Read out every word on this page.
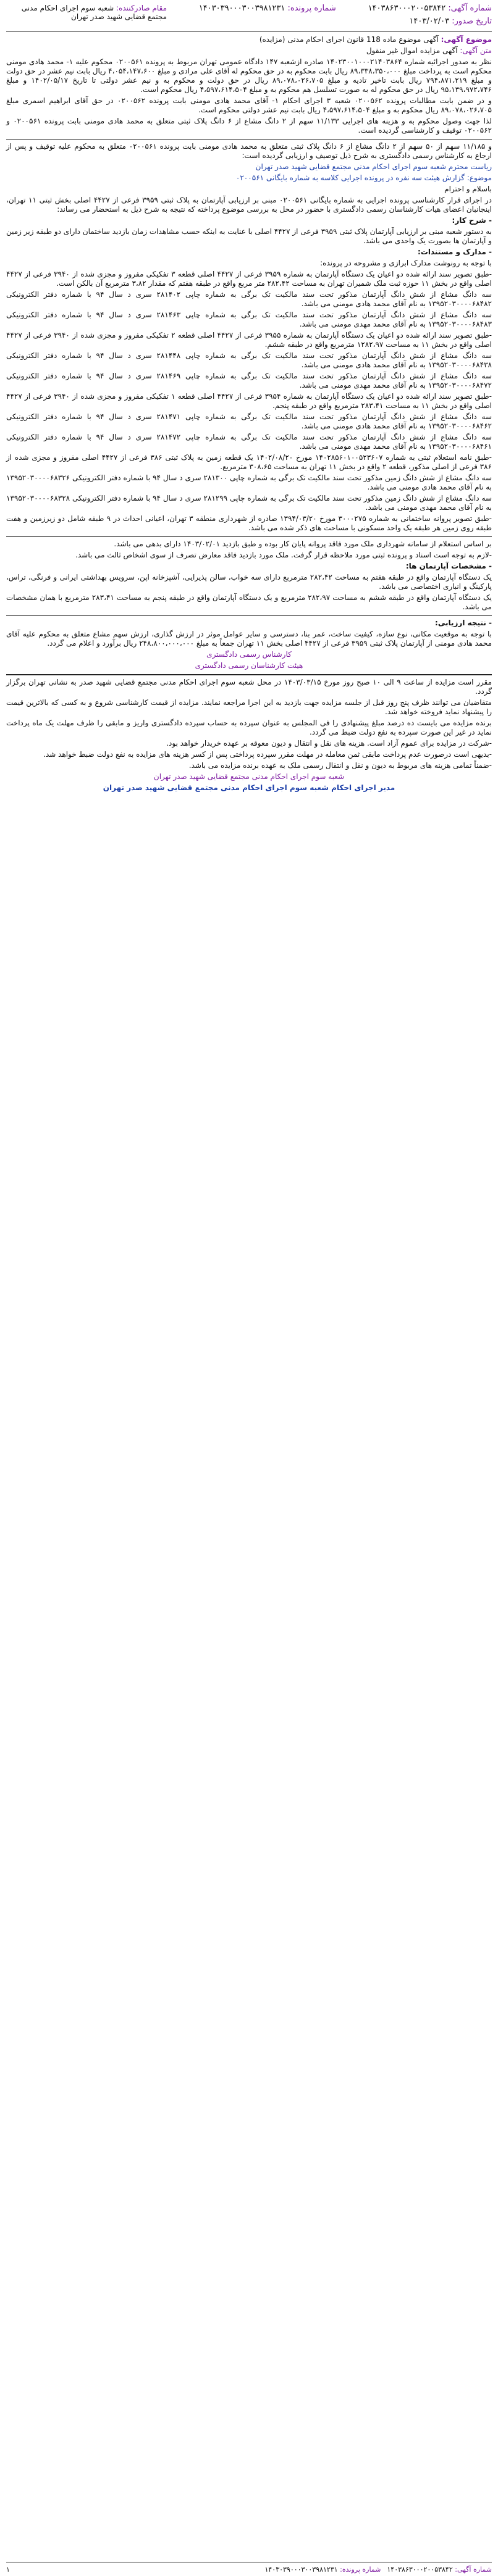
شماره آگهی: ۱۴۰۳۸۶۳۰۰۰۲۰۰۵۳۸۴۲
تاریخ صدور: ۱۴۰۳/۰۲/۰۳
شماره پرونده: ۱۴۰۳۰۳۹۰۰۰۳۰۰۳۹۸۱۲۳۱
مقام صادرکننده: شعبه سوم اجرای احکام مدنی مجتمع قضایی شهید صدر تهران

موضوع آگهی: آگهی موضوع ماده 118 قانون اجرای احکام مدنی (مزایده)

متن آگهی: آگهی مزایده اموال غیر منقول

نظر به صدور اجرائیه شماره ۱۴۰۲۳۰۰۱۰۰۰۲۱۴۰۳۸۶۴ صادره ازشعبه ۱۴۷ دادگاه عمومی تهران مربوط به پرونده ۰۲۰۰۵۶۱ محکوم علیه ۱- محمد هادی مومنی محکوم است به پرداخت مبلغ ۸۹،۳۳۸،۳۵۰،۰۰۰ ریال بابت محکوم به در حق محکوم له آقای علی مرادی و مبلغ ۴،۰۵۴،۱۴۷،۶۰۰ ریال بابت نیم عشر در حق دولت و مبلغ ۷۹۴،۸۷۱،۲۱۹ ریال بابت تاخیر تادیه و مبلغ ۸۹،۰۷۸،۰۲۶،۷۰۵ ریال در حق دولت و محکوم به و نیم عشر دولتی تا تاریخ ۱۴۰۲/۰۵/۱۷ و مبلغ ۹۵،۱۳۹،۹۷۲،۷۴۶ ریال در حق محکوم له به صورت تسلسل هم محکوم به و مبلغ ۴،۵۹۷،۶۱۴،۵۰۴ ریال محکوم است.

و در ضمن بابت مطالبات پرونده ۰۲۰۰۵۶۲ شعبه ۳ اجرای احکام ۱- آقای محمد هادی مومنی بابت پرونده ۰۲۰۰۵۶۲ در حق آقای ابراهیم اسمری مبلغ ۸۹،۰۷۸،۰۲۶،۷۰۵ ریال محکوم به و مبلغ ۴،۵۹۷،۶۱۴،۵۰۴ ریال بابت نیم عشر دولتی محکوم است.

لذا جهت وصول محکوم به و هزینه های اجرایی ۱۱/۱۳۳ سهم از ۲ دانگ مشاع از ۶ دانگ پلاک ثبتی متعلق به محمد هادی مومنی بابت پرونده ۰۲۰۰۵۶۱ و ۰۲۰۰۵۶۲ توقیف و کارشناسی گردیده است.

و ۱۱/۱۸۵ سهم از ۵۰ سهم از ۲ دانگ مشاع از ۶ دانگ پلاک ثبتی متعلق به محمد هادی مومنی بابت پرونده ۰۲۰۰۵۶۱ متعلق به محکوم علیه توقیف و پس از ارجاع به کارشناس رسمی دادگستری به شرح ذیل توصیف و ارزیابی گردیده است:

ریاست محترم شعبه سوم اجرای احکام مدنی مجتمع قضایی شهید صدر تهران

موضوع: گزارش هیئت سه نفره در پرونده اجرایی کلاسه به شماره بایگانی ۰۲۰۰۵۶۱

باسلام و احترام

در اجرای قرار کارشناسی پرونده اجرایی به شماره بایگانی ۰۲۰۰۵۶۱ مبنی بر ارزیابی آپارتمان به پلاک ثبتی ۳۹۵۹ فرعی از ۴۴۲۷ اصلی بخش ثبتی ۱۱ تهران، اینجانبان اعضای هیات کارشناسان رسمی دادگستری با حضور در محل به بررسی موضوع پرداخته که نتیجه به شرح ذیل به استحضار می رساند:

- شرح کار:

به دستور شعبه مبنی بر ارزیابی آپارتمان پلاک ثبتی ۳۹۵۹ فرعی از ۴۴۲۷ اصلی با عنایت به اینکه حسب مشاهدات زمان بازدید ساختمان دارای دو طبقه زیر زمین و آپارتمان ها بصورت یک واحدی می باشد.

- مدارک و مستندات:

با توجه به رونوشت مدارک ابرازی و مشروحه در پرونده:

-طبق تصویر سند ارائه شده دو اعیان یک دستگاه آپارتمان به شماره ۳۹۵۹ فرعی از ۴۴۲۷ اصلی قطعه ۳ تفکیکی مفروز و مجزی شده از ۳۹۴۰ فرعی از ۴۴۲۷ اصلی واقع در بخش ۱۱ حوزه ثبت ملک شمیران تهران به مساحت ۲۸۲،۴۲ متر مربع واقع در طبقه هفتم که مقدار ۳،۸۲ مترمربع آن بالکن است.

سه دانگ مشاع از شش دانگ آپارتمان مذکور تحت سند مالکیت تک برگی به شماره چاپی ۲۸۱۴۰۲ سری د سال ۹۴ با شماره دفتر الکترونیکی ۱۳۹۵۲۰۳۰۰۰۰۶۸۴۸۲ به نام آقای محمد هادی مومنی می باشد.

سه دانگ مشاع از شش دانگ آپارتمان مذکور تحت سند مالکیت تک برگی به شماره چاپی ۲۸۱۴۶۳ سری د سال ۹۴ با شماره دفتر الکترونیکی ۱۳۹۵۲۰۳۰۰۰۰۶۸۴۸۳ به نام آقای محمد مهدی مومنی می باشد.

-طبق تصویر سند ارائه شده دو اعیان یک دستگاه آپارتمان به شماره ۳۹۵۵ فرعی از ۴۴۲۷ اصلی قطعه ۲ تفکیکی مفروز و مجزی شده از ۳۹۴۰ فرعی از ۴۴۲۷ اصلی واقع در بخش ۱۱ به مساحت ۱۲۸۲،۹۷ مترمربع واقع در طبقه ششم.

سه دانگ مشاع از شش دانگ آپارتمان مذکور تحت سند مالکیت تک برگی به شماره چاپی ۲۸۱۴۴۸ سری د سال ۹۴ با شماره دفتر الکترونیکی ۱۳۹۵۲۰۳۰۰۰۰۶۸۴۳۸ به نام آقای محمد هادی مومنی می باشد.

سه دانگ مشاع از شش دانگ آپارتمان مذکور تحت سند مالکیت تک برگی به شماره چاپی ۲۸۱۴۶۹ سری د سال ۹۴ با شماره دفتر الکترونیکی ۱۳۹۵۲۰۳۰۰۰۰۶۸۴۷۲ به نام آقای محمد مهدی مومنی می باشد.

-طبق تصویر سند ارائه شده دو اعیان یک دستگاه آپارتمان به شماره ۳۹۵۴ فرعی از ۴۴۲۷ اصلی قطعه ۱ تفکیکی مفروز و مجزی شده از ۳۹۴۰ فرعی از ۴۴۲۷ اصلی واقع در بخش ۱۱ به مساحت ۲۸۳،۴۱ مترمربع واقع در طبقه پنجم.

سه دانگ مشاع از شش دانگ آپارتمان مذکور تحت سند مالکیت تک برگی به شماره چاپی ۲۸۱۴۷۱ سری د سال ۹۴ با شماره دفتر الکترونیکی ۱۳۹۵۲۰۳۰۰۰۰۶۸۴۶۲ به نام آقای محمد هادی مومنی می باشد.

سه دانگ مشاع از شش دانگ آپارتمان مذکور تحت سند مالکیت تک برگی به شماره چاپی ۲۸۱۴۷۲ سری د سال ۹۴ با شماره دفتر الکترونیکی ۱۳۹۵۲۰۳۰۰۰۰۶۸۴۶۱ به نام آقای محمد مهدی مومنی می باشد.

-طبق نامه استعلام ثبتی به شماره ۱۴۰۲۸۵۶۰۱۰۰۵۲۳۶۰۷ مورخ ۱۴۰۲/۰۸/۲۰ یک قطعه زمین به پلاک ثبتی ۳۸۶ فرعی از ۴۴۲۷ اصلی مفروز و مجزی شده از ۳۸۶ فرعی از اصلی مذکور، قطعه ۲ واقع در بخش ۱۱ تهران به مساحت ۳۰۸،۶۵ مترمربع.

سه دانگ مشاع از شش دانگ زمین مذکور تحت سند مالکیت تک برگی به شماره چاپی ۲۸۱۳۰۰ سری د سال ۹۴ با شماره دفتر الکترونیکی ۱۳۹۵۲۰۳۰۰۰۰۶۸۳۲۶ به نام آقای محمد هادی مومنی می باشد.

سه دانگ مشاع از شش دانگ زمین مذکور تحت سند مالکیت تک برگی به شماره چاپی ۲۸۱۲۹۹ سری د سال ۹۴ با شماره دفتر الکترونیکی ۱۳۹۵۲۰۳۰۰۰۰۶۸۳۲۸ به نام آقای محمد مهدی مومنی می باشد.

-طبق تصویر پروانه ساختمانی به شماره ۳۰۰۰۲۷۵ مورخ ۱۳۹۴/۰۳/۲۰ صادره از شهرداری منطقه ۳ تهران، اعیانی احداث در ۹ طبقه شامل دو زیرزمین و هفت طبقه روی زمین هر طبقه یک واحد مسکونی با مساحت های ذکر شده می باشد.

بر اساس استعلام از سامانه شهرداری ملک مورد فاقد پروانه پایان کار بوده و طبق بازدید ۱۴۰۳/۰۲/۰۱ دارای بدهی می باشد.

-لازم به توجه است اسناد و پرونده ثبتی مورد ملاحظه قرار گرفت. ملک مورد بازدید فاقد معارض تصرف از سوی اشخاص ثالث می باشد.

- مشخصات آپارتمان ها:

یک دستگاه آپارتمان واقع در طبقه هفتم به مساحت ۲۸۲،۴۲ مترمربع دارای سه خواب، سالن پذیرایی، آشپزخانه اپن، سرویس بهداشتی ایرانی و فرنگی، تراس، پارکینگ و انباری اختصاصی می باشد.

یک دستگاه آپارتمان واقع در طبقه ششم به مساحت ۲۸۲،۹۷ مترمربع و یک دستگاه آپارتمان واقع در طبقه پنجم به مساحت ۲۸۳،۴۱ مترمربع با همان مشخصات می باشد.

- نتیجه ارزیابی:

با توجه به موقعیت مکانی، نوع سازه، کیفیت ساخت، عمر بنا، دسترسی و سایر عوامل موثر در ارزش گذاری، ارزش سهم مشاع متعلق به محکوم علیه آقای محمد هادی مومنی از آپارتمان پلاک ثبتی ۳۹۵۹ فرعی از ۴۴۲۷ اصلی بخش ۱۱ تهران جمعاً به مبلغ ۲۴۸،۸۰۰،۰۰۰،۰۰۰ ریال برآورد و اعلام می گردد.

کارشناس رسمی دادگستری

هیئت کارشناسان رسمی دادگستری

مقرر است مزایده از ساعت ۹ الی ۱۰ صبح روز مورخ ۱۴۰۳/۰۳/۱۵ در محل شعبه سوم اجرای احکام مدنی مجتمع قضایی شهید صدر به نشانی تهران برگزار گردد.

متقاضیان می توانند ظرف پنج روز قبل از جلسه مزایده جهت بازدید به این اجرا مراجعه نمایند. مزایده از قیمت کارشناسی شروع و به کسی که بالاترین قیمت را پیشنهاد نماید فروخته خواهد شد.

برنده مزایده می بایست ده درصد مبلغ پیشنهادی را فی المجلس به عنوان سپرده به حساب سپرده دادگستری واریز و مابقی را ظرف مهلت یک ماه پرداخت نماید در غیر این صورت سپرده به نفع دولت ضبط می گردد.

-شرکت در مزایده برای عموم آزاد است. هزینه های نقل و انتقال و دیون معوقه بر عهده خریدار خواهد بود.

-بدیهی است درصورت عدم پرداخت مابقی ثمن معامله در مهلت مقرر سپرده پرداختی پس از کسر هزینه های مزایده به نفع دولت ضبط خواهد شد.

-ضمناً تمامی هزینه های مربوط به دیون و نقل و انتقال رسمی ملک به عهده برنده مزایده می باشد.

شعبه سوم اجرای احکام مدنی مجتمع قضایی شهید صدر تهران

مدیر اجرای احکام شعبه سوم اجرای احکام مدنی مجتمع قضایی شهید صدر تهران

شماره آگهی: ۱۴۰۳۸۶۳۰۰۰۲۰۰۵۳۸۴۲
شماره پرونده: ۱۴۰۳۰۳۹۰۰۰۳۰۰۳۹۸۱۲۳۱
۱
